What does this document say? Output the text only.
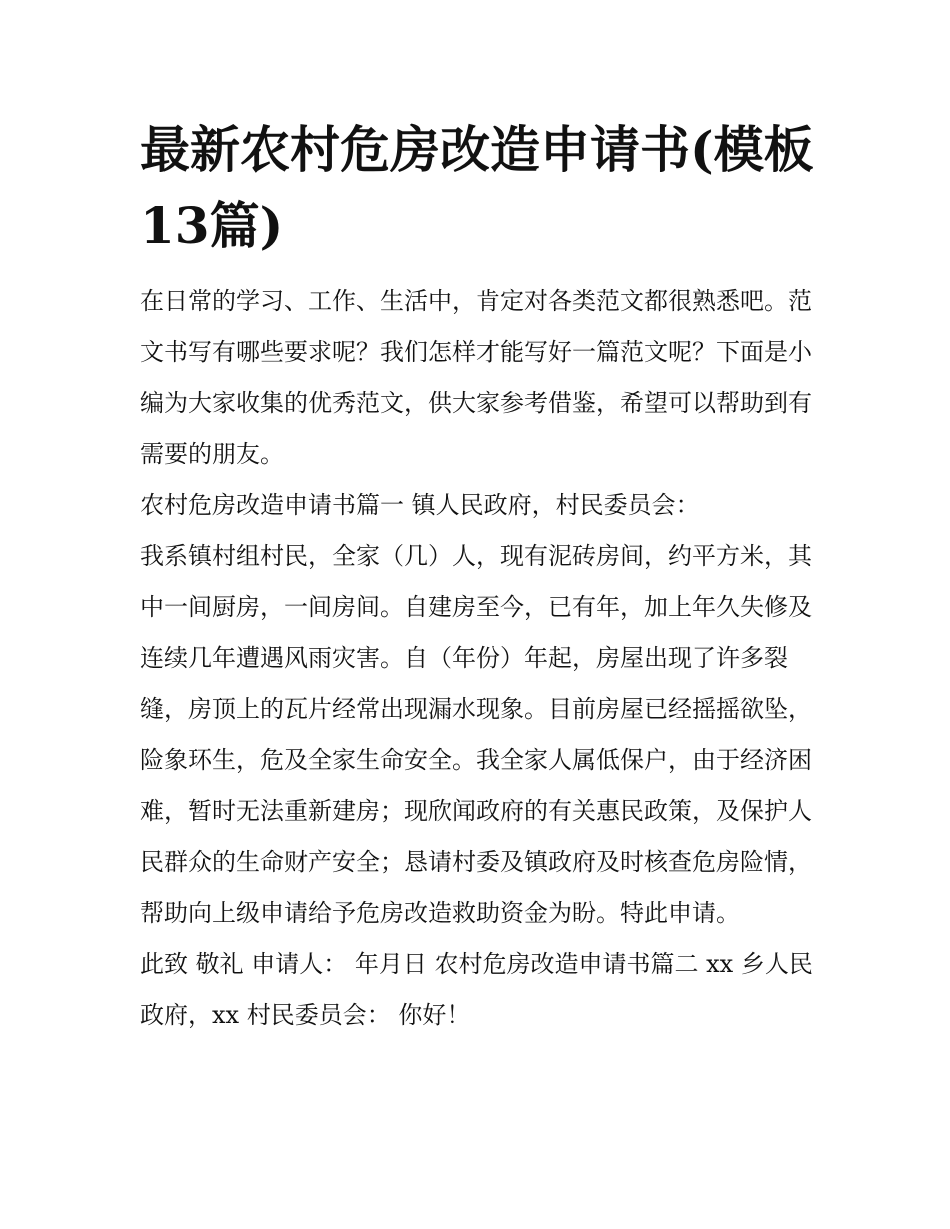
最新农村危房改造申请书(模板13篇)

在日常的学习、工作、生活中，肯定对各类范文都很熟悉吧。范文书写有哪些要求呢？我们怎样才能写好一篇范文呢？下面是小编为大家收集的优秀范文，供大家参考借鉴，希望可以帮助到有需要的朋友。

农村危房改造申请书篇一 镇人民政府，村民委员会：

我系镇村组村民，全家（几）人，现有泥砖房间，约平方米，其中一间厨房，一间房间。自建房至今，已有年，加上年久失修及连续几年遭遇风雨灾害。自（年份）年起，房屋出现了许多裂缝，房顶上的瓦片经常出现漏水现象。目前房屋已经摇摇欲坠，险象环生，危及全家生命安全。我全家人属低保户，由于经济困难，暂时无法重新建房；现欣闻政府的有关惠民政策，及保护人民群众的生命财产安全；恳请村委及镇政府及时核查危房险情，帮助向上级申请给予危房改造救助资金为盼。特此申请。

此致 敬礼 申请人： 年月日 农村危房改造申请书篇二 xx 乡人民政府，xx 村民委员会： 你好！
